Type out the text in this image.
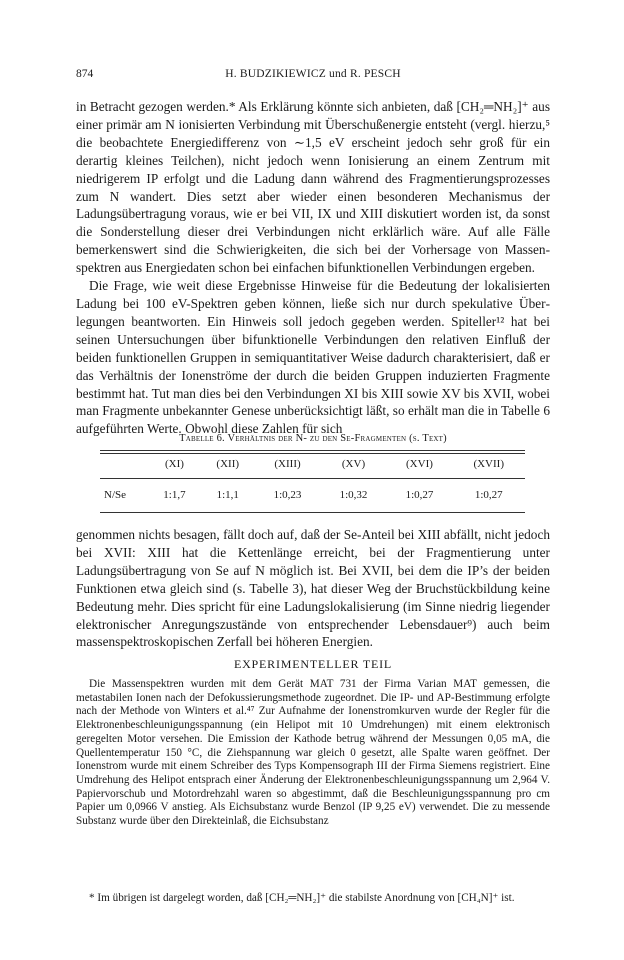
874	H. BUDZIKIEWICZ und R. PESCH

in Betracht gezogen werden.* Als Erklärung könnte sich anbieten, daß [CH₂═NH₂]⁺ aus einer primär am N ionisierten Verbindung mit Überschußenergie entsteht (vergl. hierzu,⁵ die beobachtete Energiedifferenz von ∼1,5 eV erscheint jedoch sehr groß für ein derartig kleines Teilchen), nicht jedoch wenn Ionisierung an einem Zentrum mit niedrigerem IP erfolgt und die Ladung dann während des Fragmentierungsprozesses zum N wandert. Dies setzt aber wieder einen besonderen Mechanismus der Ladungsübertragung voraus, wie er bei VII, IX und XIII diskutiert worden ist, da sonst die Sonderstellung dieser drei Verbindungen nicht erklärlich wäre. Auf alle Fälle bemerkenswert sind die Schwierigkeiten, die sich bei der Vorhersage von Massenspektren aus Energiedaten schon bei einfachen bifunktionellen Verbindungen ergeben.

Die Frage, wie weit diese Ergebnisse Hinweise für die Bedeutung der lokalisierten Ladung bei 100 eV-Spektren geben können, ließe sich nur durch spekulative Überlegungen beantworten. Ein Hinweis soll jedoch gegeben werden. Spiteller¹² hat bei seinen Untersuchungen über bifunktionelle Verbindungen den relativen Einfluß der beiden funktionellen Gruppen in semiquantitativer Weise dadurch charakterisiert, daß er das Verhältnis der Ionenströme der durch die beiden Gruppen induzierten Fragmente bestimmt hat. Tut man dies bei den Verbindungen XI bis XIII sowie XV bis XVII, wobei man Fragmente unbekannter Genese unberücksichtigt läßt, so erhält man die in Tabelle 6 aufgeführten Werte. Obwohl diese Zahlen für sich

Tabelle 6. Verhältnis der N- zu den Se-Fragmenten (s. Text)
	(XI)	(XII)	(XIII)	(XV)	(XVI)	(XVII)
N/Se	1:1,7	1:1,1	1:0,23	1:0,32	1:0,27	1:0,27

genommen nichts besagen, fällt doch auf, daß der Se-Anteil bei XIII abfällt, nicht jedoch bei XVII: XIII hat die Kettenlänge erreicht, bei der Fragmentierung unter Ladungsübertragung von Se auf N möglich ist. Bei XVII, bei dem die IP’s der beiden Funktionen etwa gleich sind (s. Tabelle 3), hat dieser Weg der Bruchstückbildung keine Bedeutung mehr. Dies spricht für eine Ladungslokalisierung (im Sinne niedrig liegender elektronischer Anregungszustände von entsprechender Lebensdauer⁹) auch beim massenspektroskopischen Zerfall bei höheren Energien.

EXPERIMENTELLER TEIL
Die Massenspektren wurden mit dem Gerät MAT 731 der Firma Varian MAT gemessen, die metastabilen Ionen nach der Defokussierungsmethode zugeordnet. Die IP- und AP-Bestimmung erfolgte nach der Methode von Winters et al.⁴⁷ Zur Aufnahme der Ionenstromkurven wurde der Regler für die Elektronenbeschleunigungsspannung (ein Helipot mit 10 Umdrehungen) mit einem elektronisch geregelten Motor versehen. Die Emission der Kathode betrug während der Messungen 0,05 mA, die Quellentemperatur 150 °C, die Ziehspannung war gleich 0 gesetzt, alle Spalte waren geöffnet. Der Ionenstrom wurde mit einem Schreiber des Typs Kompensograph III der Firma Siemens registriert. Eine Umdrehung des Helipot entsprach einer Änderung der Elektronenbeschleunigungsspannung um 2,964 V. Papiervorschub und Motordrehzahl waren so abgestimmt, daß die Beschleunigungsspannung pro cm Papier um 0,0966 V anstieg. Als Eichsubstanz wurde Benzol (IP 9,25 eV) verwendet. Die zu messende Substanz wurde über den Direkteinlaß, die Eichsubstanz
* Im übrigen ist dargelegt worden, daß [CH₂═NH₂]⁺ die stabilste Anordnung von [CH₄N]⁺ ist.
